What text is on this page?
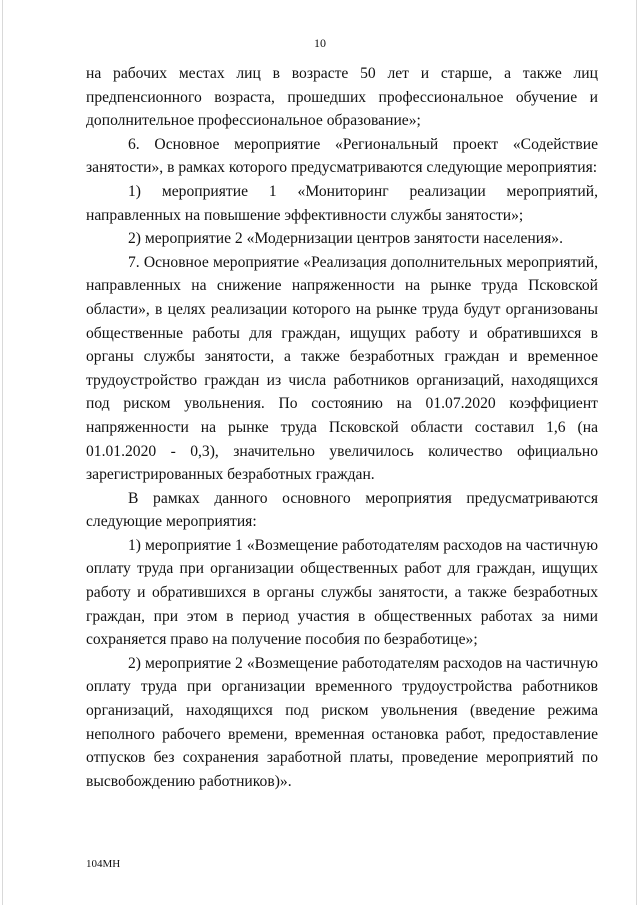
10

на рабочих местах лиц в возрасте 50 лет и старше, а также лиц предпенсионного возраста, прошедших профессиональное обучение и дополнительное профессиональное образование»;

6. Основное мероприятие «Региональный проект «Содействие занятости», в рамках которого предусматриваются следующие мероприятия:

1) мероприятие 1 «Мониторинг реализации мероприятий, направленных на повышение эффективности службы занятости»;

2) мероприятие 2 «Модернизации центров занятости населения».

7. Основное мероприятие «Реализация дополнительных мероприятий, направленных на снижение напряженности на рынке труда Псковской области», в целях реализации которого на рынке труда будут организованы общественные работы для граждан, ищущих работу и обратившихся в органы службы занятости, а также безработных граждан и временное трудоустройство граждан из числа работников организаций, находящихся под риском увольнения. По состоянию на 01.07.2020 коэффициент напряженности на рынке труда Псковской области составил 1,6 (на 01.01.2020 - 0,3), значительно увеличилось количество официально зарегистрированных безработных граждан.

В рамках данного основного мероприятия предусматриваются следующие мероприятия:

1) мероприятие 1 «Возмещение работодателям расходов на частичную оплату труда при организации общественных работ для граждан, ищущих работу и обратившихся в органы службы занятости, а также безработных граждан, при этом в период участия в общественных работах за ними сохраняется право на получение пособия по безработице»;

2) мероприятие 2 «Возмещение работодателям расходов на частичную оплату труда при организации временного трудоустройства работников организаций, находящихся под риском увольнения (введение режима неполного рабочего времени, временная остановка работ, предоставление отпусков без сохранения заработной платы, проведение мероприятий по высвобождению работников)».

104МН
